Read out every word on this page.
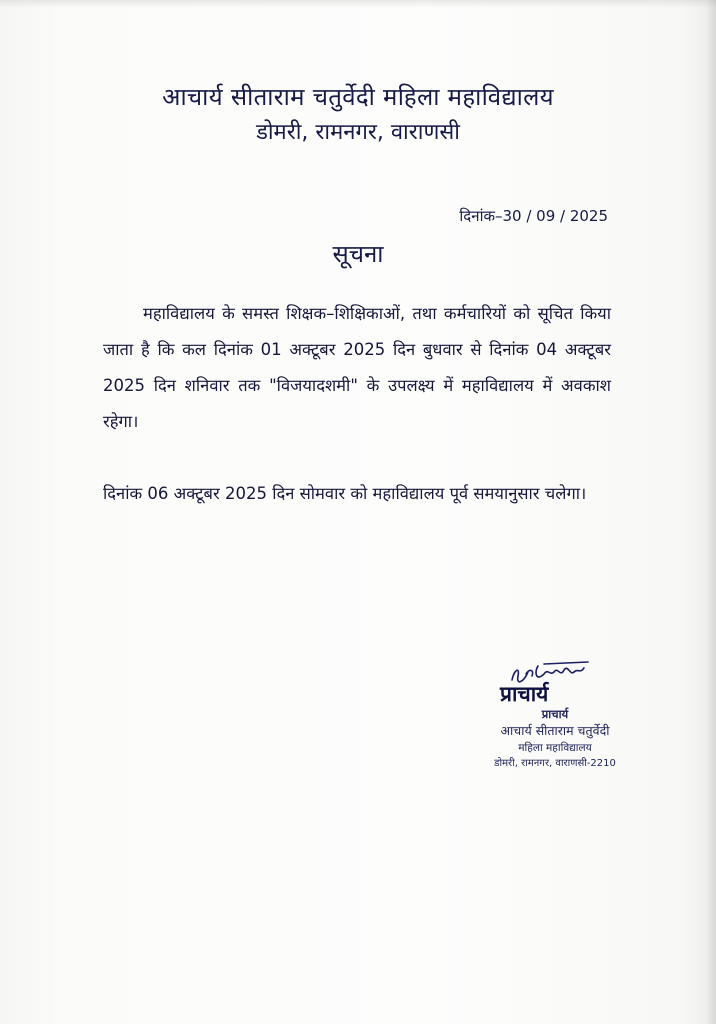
आचार्य सीताराम चतुर्वेदी महिला महाविद्यालय
डोमरी, रामनगर, वाराणसी
दिनांक–30 / 09 / 2025
सूचना
महाविद्यालय के समस्त शिक्षक–शिक्षिकाओं, तथा कर्मचारियों को सूचित किया जाता है कि कल दिनांक 01 अक्टूबर 2025 दिन बुधवार से दिनांक 04 अक्टूबर 2025 दिन शनिवार तक "विजयादशमी" के उपलक्ष्य में महाविद्यालय में अवकाश रहेगा।
दिनांक 06 अक्टूबर 2025 दिन सोमवार को महाविद्यालय पूर्व समयानुसार चलेगा।
प्राचार्य
प्राचार्य
आचार्य सीताराम चतुर्वेदी
महिला महाविद्यालय
डोमरी, रामनगर, वाराणसी-2210
